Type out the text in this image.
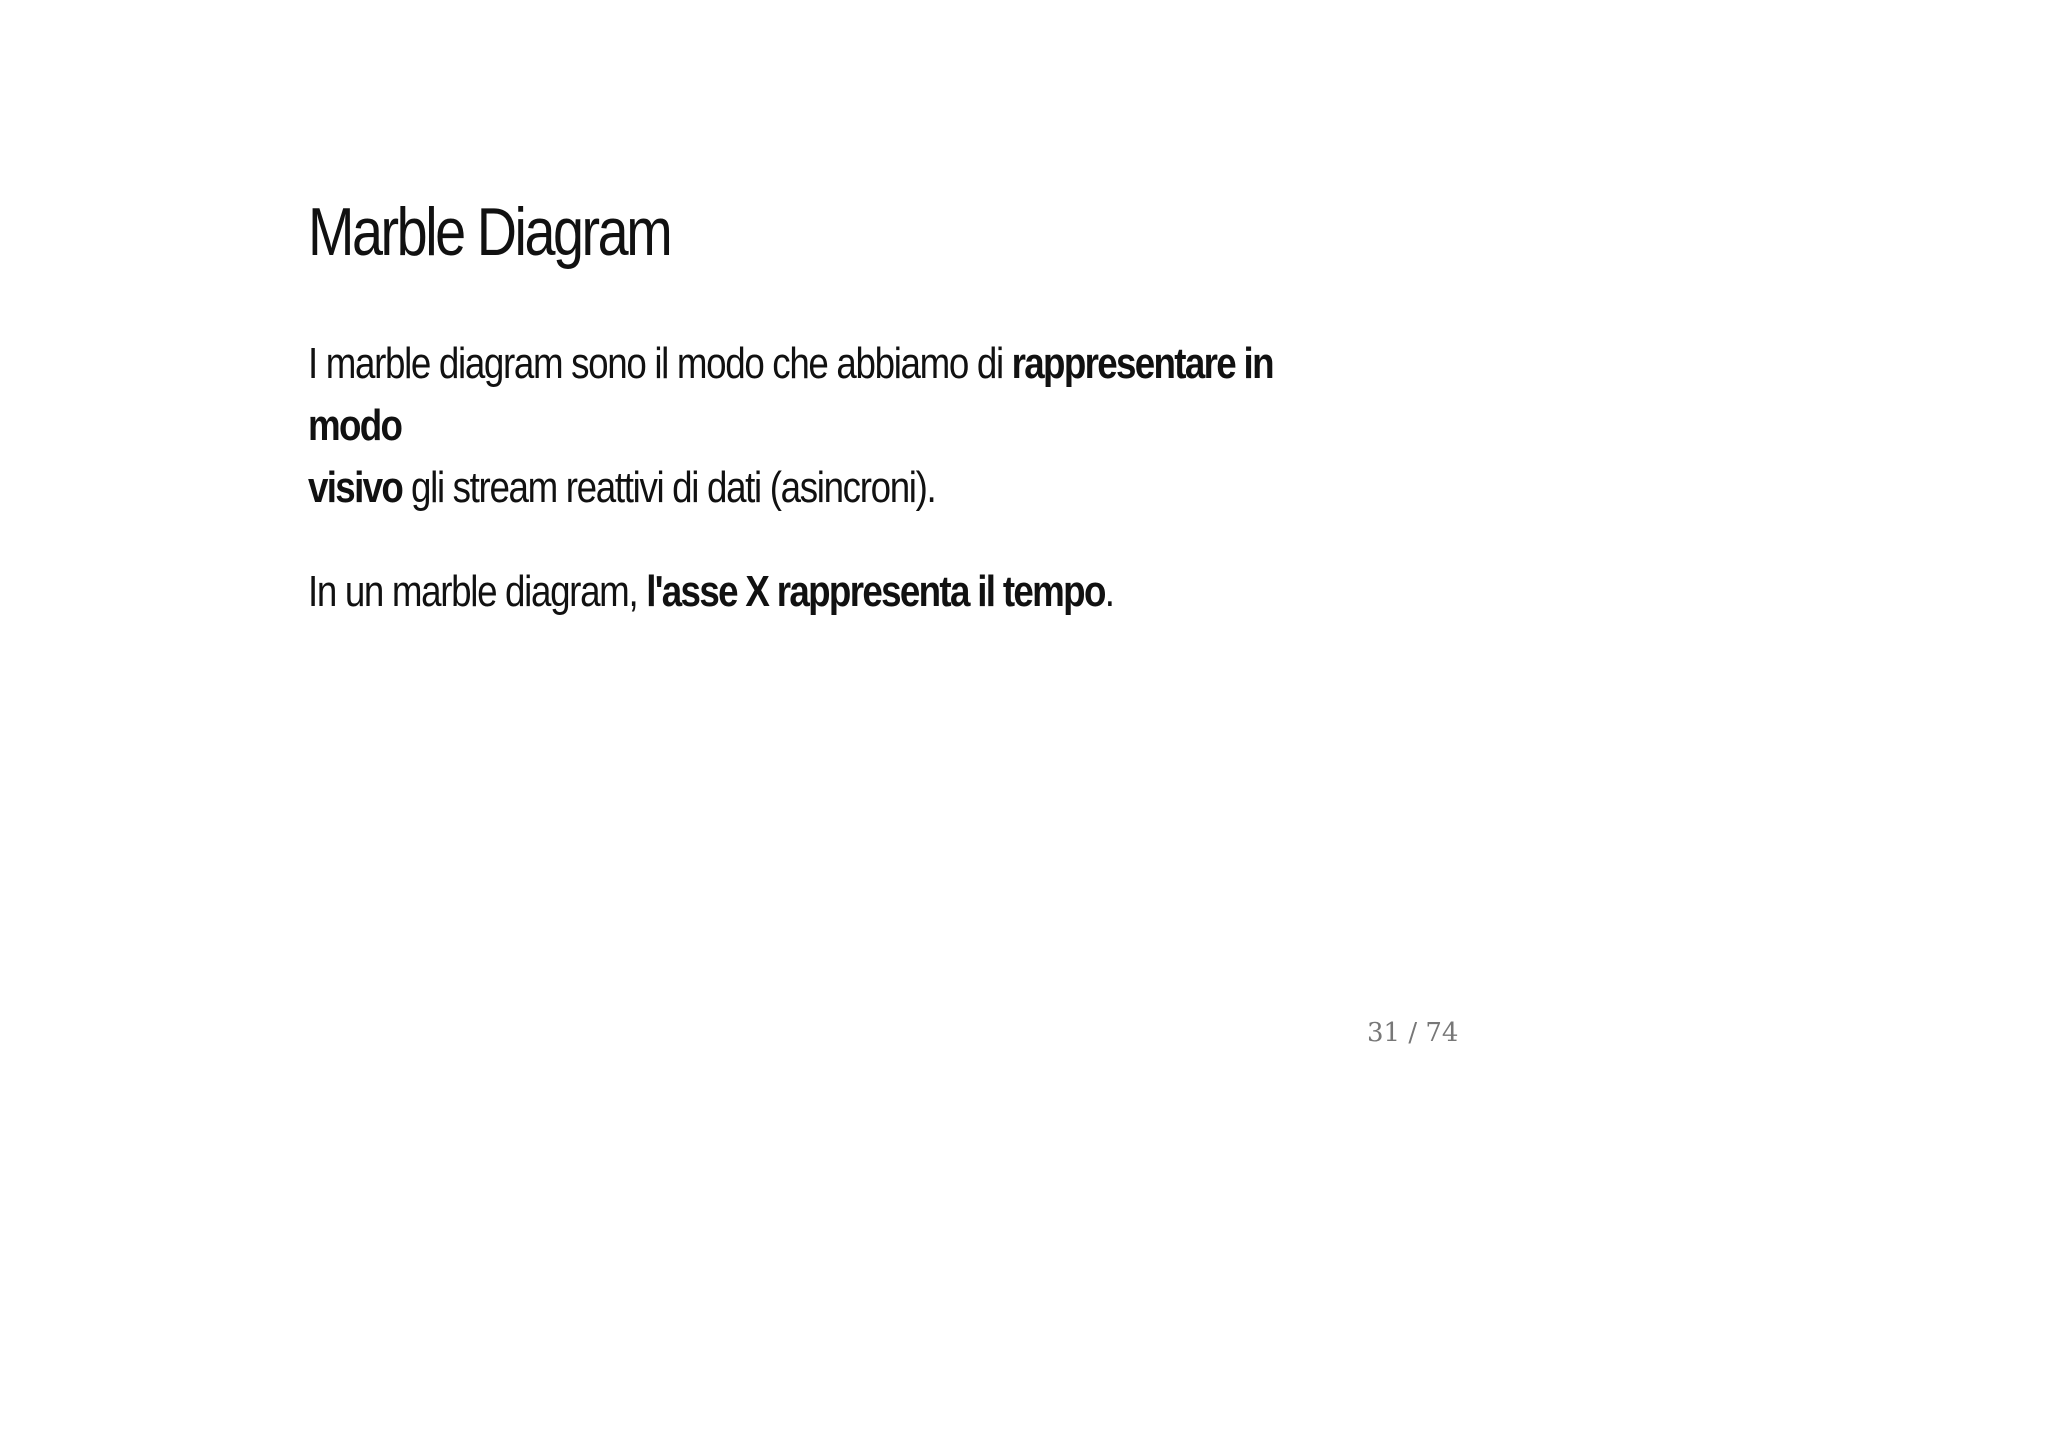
Marble Diagram

I marble diagram sono il modo che abbiamo di rappresentare in modo
visivo gli stream reattivi di dati (asincroni).

In un marble diagram, l'asse X rappresenta il tempo.

31 / 74
